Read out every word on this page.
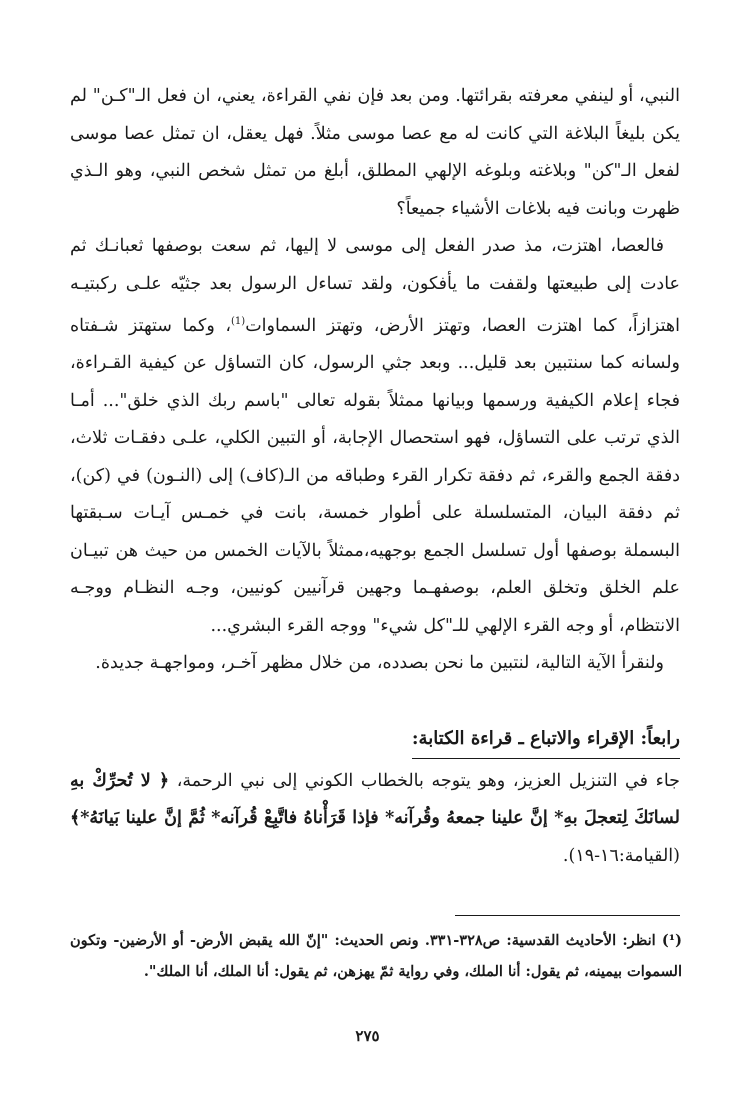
النبي، أو لينفي معرفته بقرائتها. ومن بعد فإن نفي القراءة، يعني، ان فعل الـ"كـن" لم يكن بليغاً البلاغة التي كانت له مع عصا موسى مثلاً. فهل يعقل، ان تمثل عصا موسى لفعل الـ"كن" وبلاغته وبلوغه الإلهي المطلق، أبلغ من تمثل شخص النبي، وهو الـذي ظهرت وبانت فيه بلاغات الأشياء جميعاً؟

فالعصا، اهتزت، مذ صدر الفعل إلى موسى لا إليها، ثم سعت بوصفها ثعبانـك ثم عادت إلى طبيعتها ولقفت ما يأفكون، ولقد تساءل الرسول بعد جثيّه علـى ركبتيـه اهتزازاً، كما اهتزت العصا، وتهتز الأرض، وتهتز السماوات$^{(1)}$، وكما ستهتز شـفتاه ولسانه كما سنتبين بعد قليل... وبعد جثي الرسول، كان التساؤل عن كيفية القـراءة، فجاء إعلام الكيفية ورسمها وبيانها ممثلاً بقوله تعالى "باسم ربك الذي خلق"... أمـا الذي ترتب على التساؤل، فهو استحصال الإجابة، أو التبين الكلي، علـى دفقـات ثلاث، دفقة الجمع والقرء، ثم دفقة تكرار القرء وطباقه من الـ(كاف) إلى (النـون) في (كن)، ثم دفقة البيان، المتسلسلة على أطوار خمسة، بانت في خمـس آيـات سـبقتها البسملة بوصفها أول تسلسل الجمع بوجهيه،ممثلاً بالآيات الخمس من حيث هن تبيـان علم الخلق وتخلق العلم، بوصفهـما وجهين قرآنيين كونيين، وجـه النظـام ووجـه الانتظام، أو وجه القرء الإلهي للـ"كل شيء" ووجه القرء البشري...

ولنقرأ الآية التالية، لنتبين ما نحن بصدده، من خلال مظهر آخـر، ومواجهـة جديدة.

رابعاً: الإقراء والاتباع ـ قراءة الكتابة:

جاء في التنزيل العزيز، وهو يتوجه بالخطاب الكوني إلى نبي الرحمة، ﴿ لا تُحرِّكْ بهِ لسانَكَ لِتعجلَ بهِ* إنَّ علينا جمعهُ وقُرآنه* فإذا قَرَأْناهُ فاتَّبِعْ قُرآنه* ثُمَّ إنَّ علينا بَيانَهُ*﴾ (القيامة:١٦-١٩).

(¹) انظر: الأحاديث القدسية: ص٣٢٨-٣٣١. ونص الحديث: "إنّ الله يقبض الأرض- أو الأرضين- وتكون السموات بيمينه، ثم يقول: أنا الملك، وفي رواية ثمّ يهزهن، ثم يقول: أنا الملك، أنا الملك".
٢٧٥
